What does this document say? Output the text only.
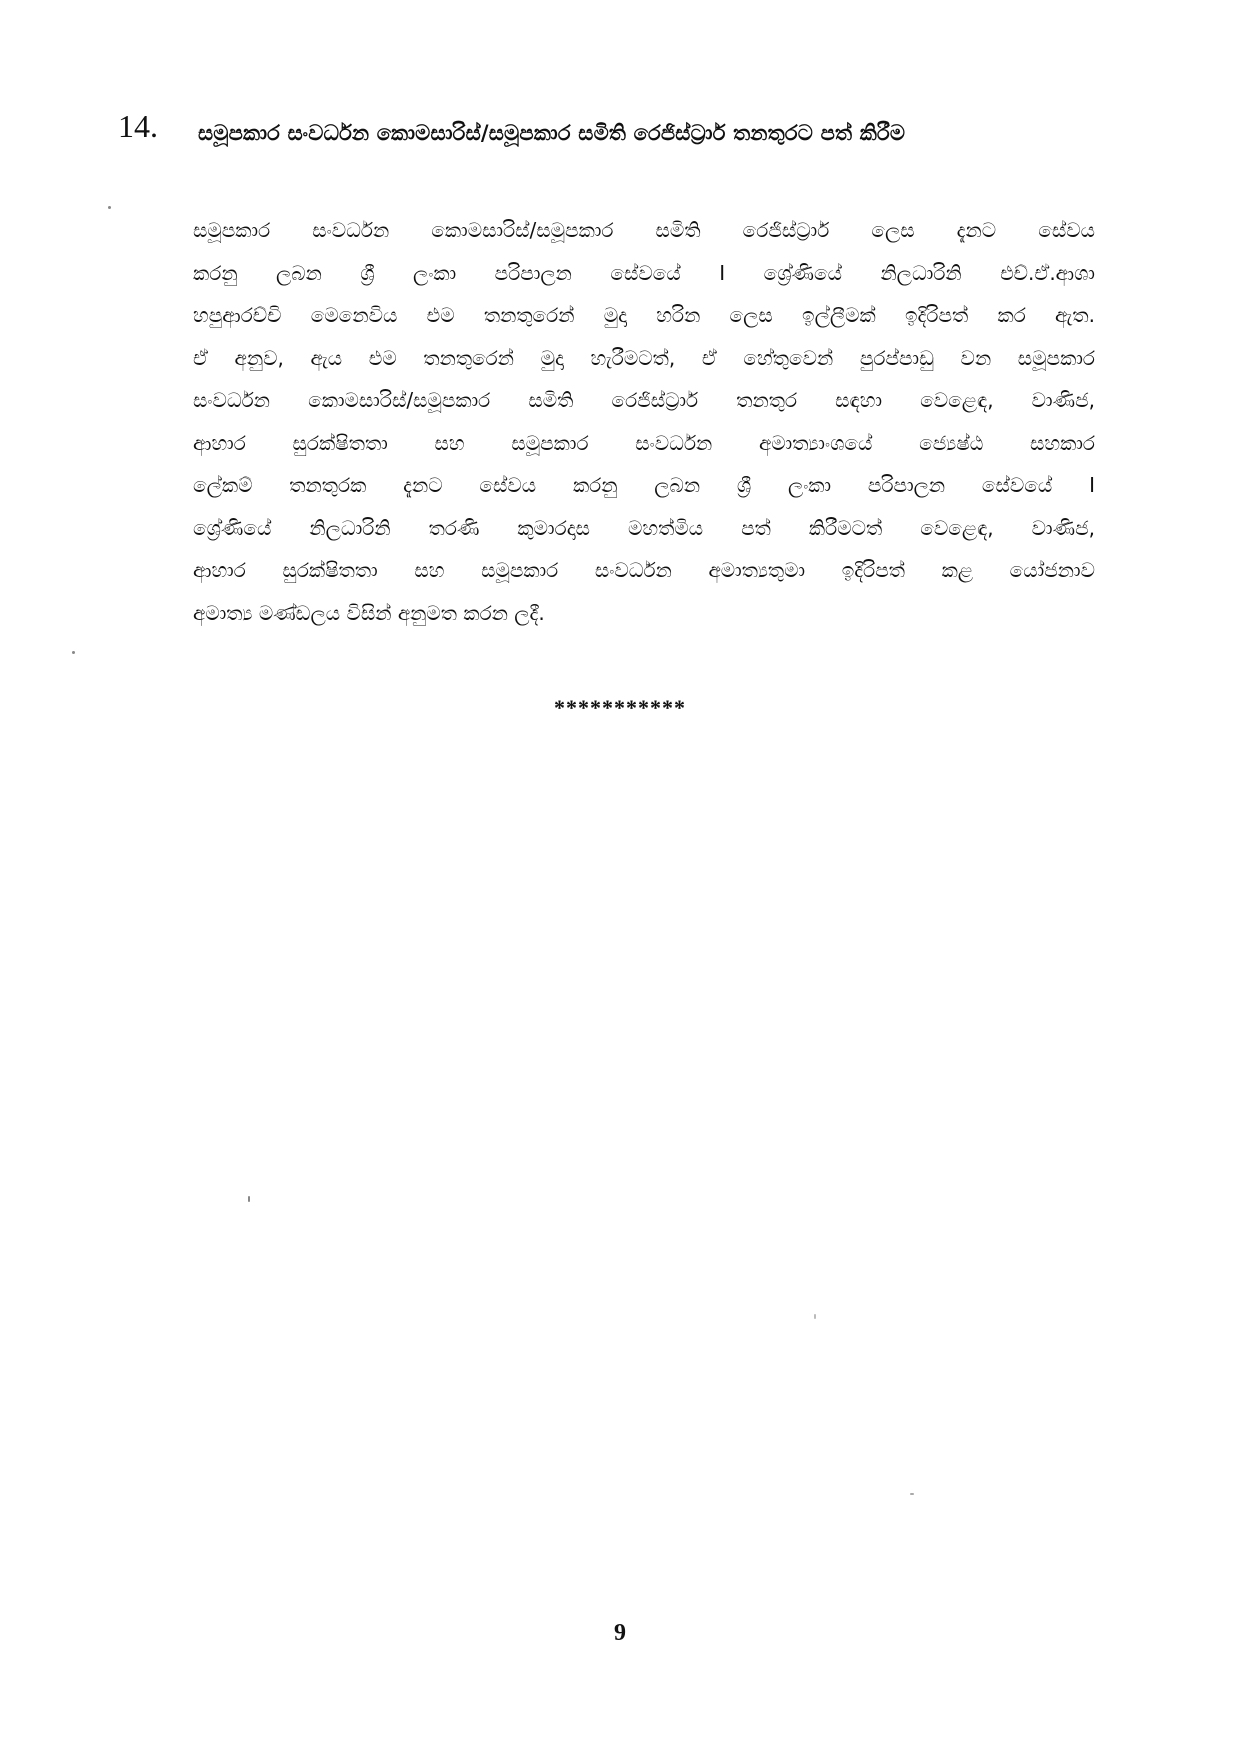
14. සමූපකාර සංවර්ධන කොමසාරිස්/සමූපකාර සමිති රෙජිස්ට්‍රාර් තනතුරට පත් කිරීම
සමූපකාර සංවර්ධන කොමසාරිස්/සමූපකාර සමිති රෙජිස්ට්‍රාර් ලෙස දැනට සේවය
කරනු ලබන ශ්‍රී ලංකා පරිපාලන සේවයේ I ශ්‍රේණියේ නිලධාරිනි එච්.ඒ.ආශා
හපුආරච්චි මෙනෙවිය එම තනතුරෙන් මුදා හරින ලෙස ඉල්ලීමක් ඉදිරිපත් කර ඇත.
ඒ අනුව, ඇය එම තනතුරෙන් මුදා හැරීමටත්, ඒ හේතුවෙන් පුරප්පාඩු වන සමූපකාර
සංවර්ධන කොමසාරිස්/සමූපකාර සමිති රෙජිස්ට්‍රාර් තනතුර සඳහා වෙළෙඳ, වාණිජ,
ආහාර සුරක්ෂිතතා සහ සමූපකාර සංවර්ධන අමාත්‍යාංශයේ ජ්‍යෙෂ්ඨ සහකාර
ලේකම් තනතුරක දැනට සේවය කරනු ලබන ශ්‍රී ලංකා පරිපාලන සේවයේ I
ශ්‍රේණියේ නිලධාරිනි තරණි කුමාරදාස මහත්මිය පත් කිරීමටත් වෙළෙඳ, වාණිජ,
ආහාර සුරක්ෂිතතා සහ සමූපකාර සංවර්ධන අමාත්‍යතුමා ඉදිරිපත් කළ යෝජනාව
අමාත්‍ය මණ්ඩලය විසින් අනුමත කරන ලදී.
***********
9
